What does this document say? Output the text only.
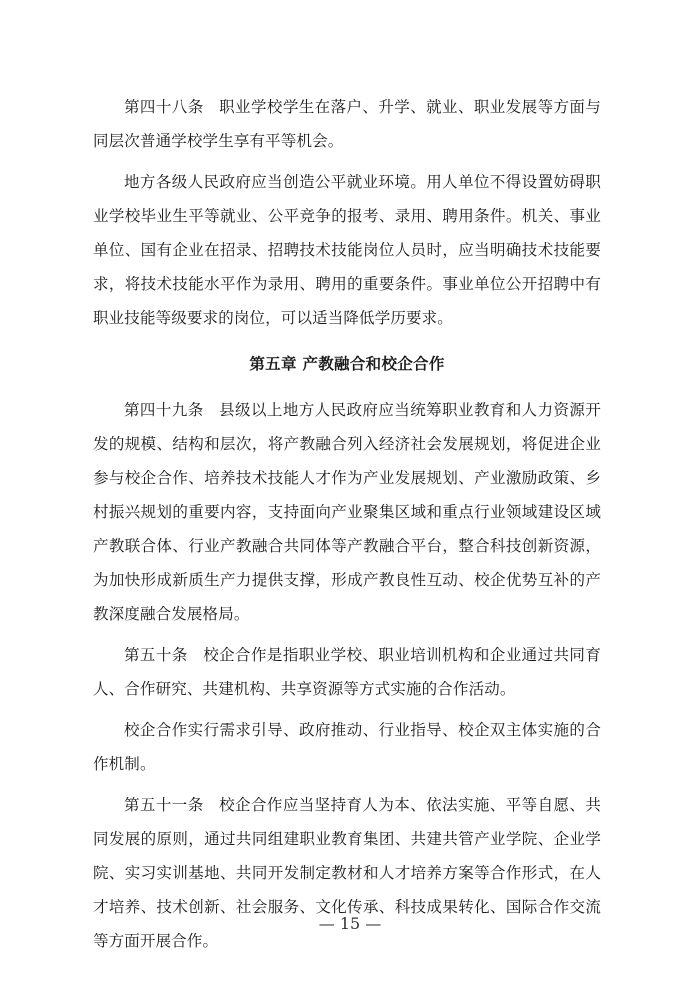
第四十八条 职业学校学生在落户、升学、就业、职业发展等方面与同层次普通学校学生享有平等机会。

地方各级人民政府应当创造公平就业环境。用人单位不得设置妨碍职业学校毕业生平等就业、公平竞争的报考、录用、聘用条件。机关、事业单位、国有企业在招录、招聘技术技能岗位人员时，应当明确技术技能要求，将技术技能水平作为录用、聘用的重要条件。事业单位公开招聘中有职业技能等级要求的岗位，可以适当降低学历要求。

第五章 产教融合和校企合作

第四十九条 县级以上地方人民政府应当统筹职业教育和人力资源开发的规模、结构和层次，将产教融合列入经济社会发展规划，将促进企业参与校企合作、培养技术技能人才作为产业发展规划、产业激励政策、乡村振兴规划的重要内容，支持面向产业聚集区域和重点行业领域建设区域产教联合体、行业产教融合共同体等产教融合平台，整合科技创新资源，为加快形成新质生产力提供支撑，形成产教良性互动、校企优势互补的产教深度融合发展格局。

第五十条 校企合作是指职业学校、职业培训机构和企业通过共同育人、合作研究、共建机构、共享资源等方式实施的合作活动。

校企合作实行需求引导、政府推动、行业指导、校企双主体实施的合作机制。

第五十一条 校企合作应当坚持育人为本、依法实施、平等自愿、共同发展的原则，通过共同组建职业教育集团、共建共管产业学院、企业学院、实习实训基地、共同开发制定教材和人才培养方案等合作形式，在人才培养、技术创新、社会服务、文化传承、科技成果转化、国际合作交流等方面开展合作。

— 15 —
